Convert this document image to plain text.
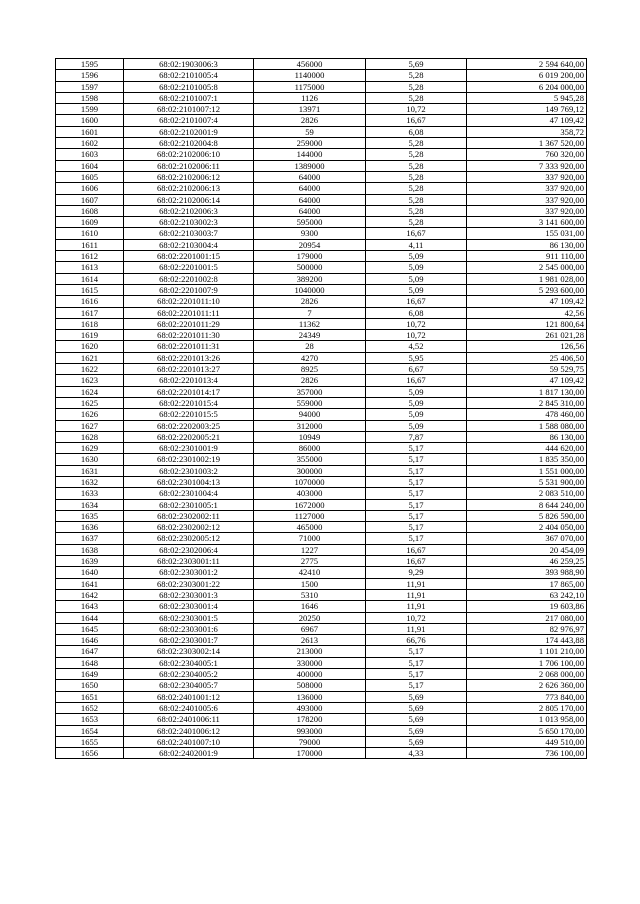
1595	68:02:1903006:3	456000	5,69	2 594 640,00
1596	68:02:2101005:4	1140000	5,28	6 019 200,00
1597	68:02:2101005:8	1175000	5,28	6 204 000,00
1598	68:02:2101007:1	1126	5,28	5 945,28
1599	68:02:2101007:12	13971	10,72	149 769,12
1600	68:02:2101007:4	2826	16,67	47 109,42
1601	68:02:2102001:9	59	6,08	358,72
1602	68:02:2102004:8	259000	5,28	1 367 520,00
1603	68:02:2102006:10	144000	5,28	760 320,00
1604	68:02:2102006:11	1389000	5,28	7 333 920,00
1605	68:02:2102006:12	64000	5,28	337 920,00
1606	68:02:2102006:13	64000	5,28	337 920,00
1607	68:02:2102006:14	64000	5,28	337 920,00
1608	68:02:2102006:3	64000	5,28	337 920,00
1609	68:02:2103002:3	595000	5,28	3 141 600,00
1610	68:02:2103003:7	9300	16,67	155 031,00
1611	68:02:2103004:4	20954	4,11	86 130,00
1612	68:02:2201001:15	179000	5,09	911 110,00
1613	68:02:2201001:5	500000	5,09	2 545 000,00
1614	68:02:2201002:8	389200	5,09	1 981 028,00
1615	68:02:2201007:9	1040000	5,09	5 293 600,00
1616	68:02:2201011:10	2826	16,67	47 109,42
1617	68:02:2201011:11	7	6,08	42,56
1618	68:02:2201011:29	11362	10,72	121 800,64
1619	68:02:2201011:30	24349	10,72	261 021,28
1620	68:02:2201011:31	28	4,52	126,56
1621	68:02:2201013:26	4270	5,95	25 406,50
1622	68:02:2201013:27	8925	6,67	59 529,75
1623	68:02:2201013:4	2826	16,67	47 109,42
1624	68:02:2201014:17	357000	5,09	1 817 130,00
1625	68:02:2201015:4	559000	5,09	2 845 310,00
1626	68:02:2201015:5	94000	5,09	478 460,00
1627	68:02:2202003:25	312000	5,09	1 588 080,00
1628	68:02:2202005:21	10949	7,87	86 130,00
1629	68:02:2301001:9	86000	5,17	444 620,00
1630	68:02:2301002:19	355000	5,17	1 835 350,00
1631	68:02:2301003:2	300000	5,17	1 551 000,00
1632	68:02:2301004:13	1070000	5,17	5 531 900,00
1633	68:02:2301004:4	403000	5,17	2 083 510,00
1634	68:02:2301005:1	1672000	5,17	8 644 240,00
1635	68:02:2302002:11	1127000	5,17	5 826 590,00
1636	68:02:2302002:12	465000	5,17	2 404 050,00
1637	68:02:2302005:12	71000	5,17	367 070,00
1638	68:02:2302006:4	1227	16,67	20 454,09
1639	68:02:2303001:11	2775	16,67	46 259,25
1640	68:02:2303001:2	42410	9,29	393 988,90
1641	68:02:2303001:22	1500	11,91	17 865,00
1642	68:02:2303001:3	5310	11,91	63 242,10
1643	68:02:2303001:4	1646	11,91	19 603,86
1644	68:02:2303001:5	20250	10,72	217 080,00
1645	68:02:2303001:6	6967	11,91	82 976,97
1646	68:02:2303001:7	2613	66,76	174 443,88
1647	68:02:2303002:14	213000	5,17	1 101 210,00
1648	68:02:2304005:1	330000	5,17	1 706 100,00
1649	68:02:2304005:2	400000	5,17	2 068 000,00
1650	68:02:2304005:7	508000	5,17	2 626 360,00
1651	68:02:2401001:12	136000	5,69	773 840,00
1652	68:02:2401005:6	493000	5,69	2 805 170,00
1653	68:02:2401006:11	178200	5,69	1 013 958,00
1654	68:02:2401006:12	993000	5,69	5 650 170,00
1655	68:02:2401007:10	79000	5,69	449 510,00
1656	68:02:2402001:9	170000	4,33	736 100,00
